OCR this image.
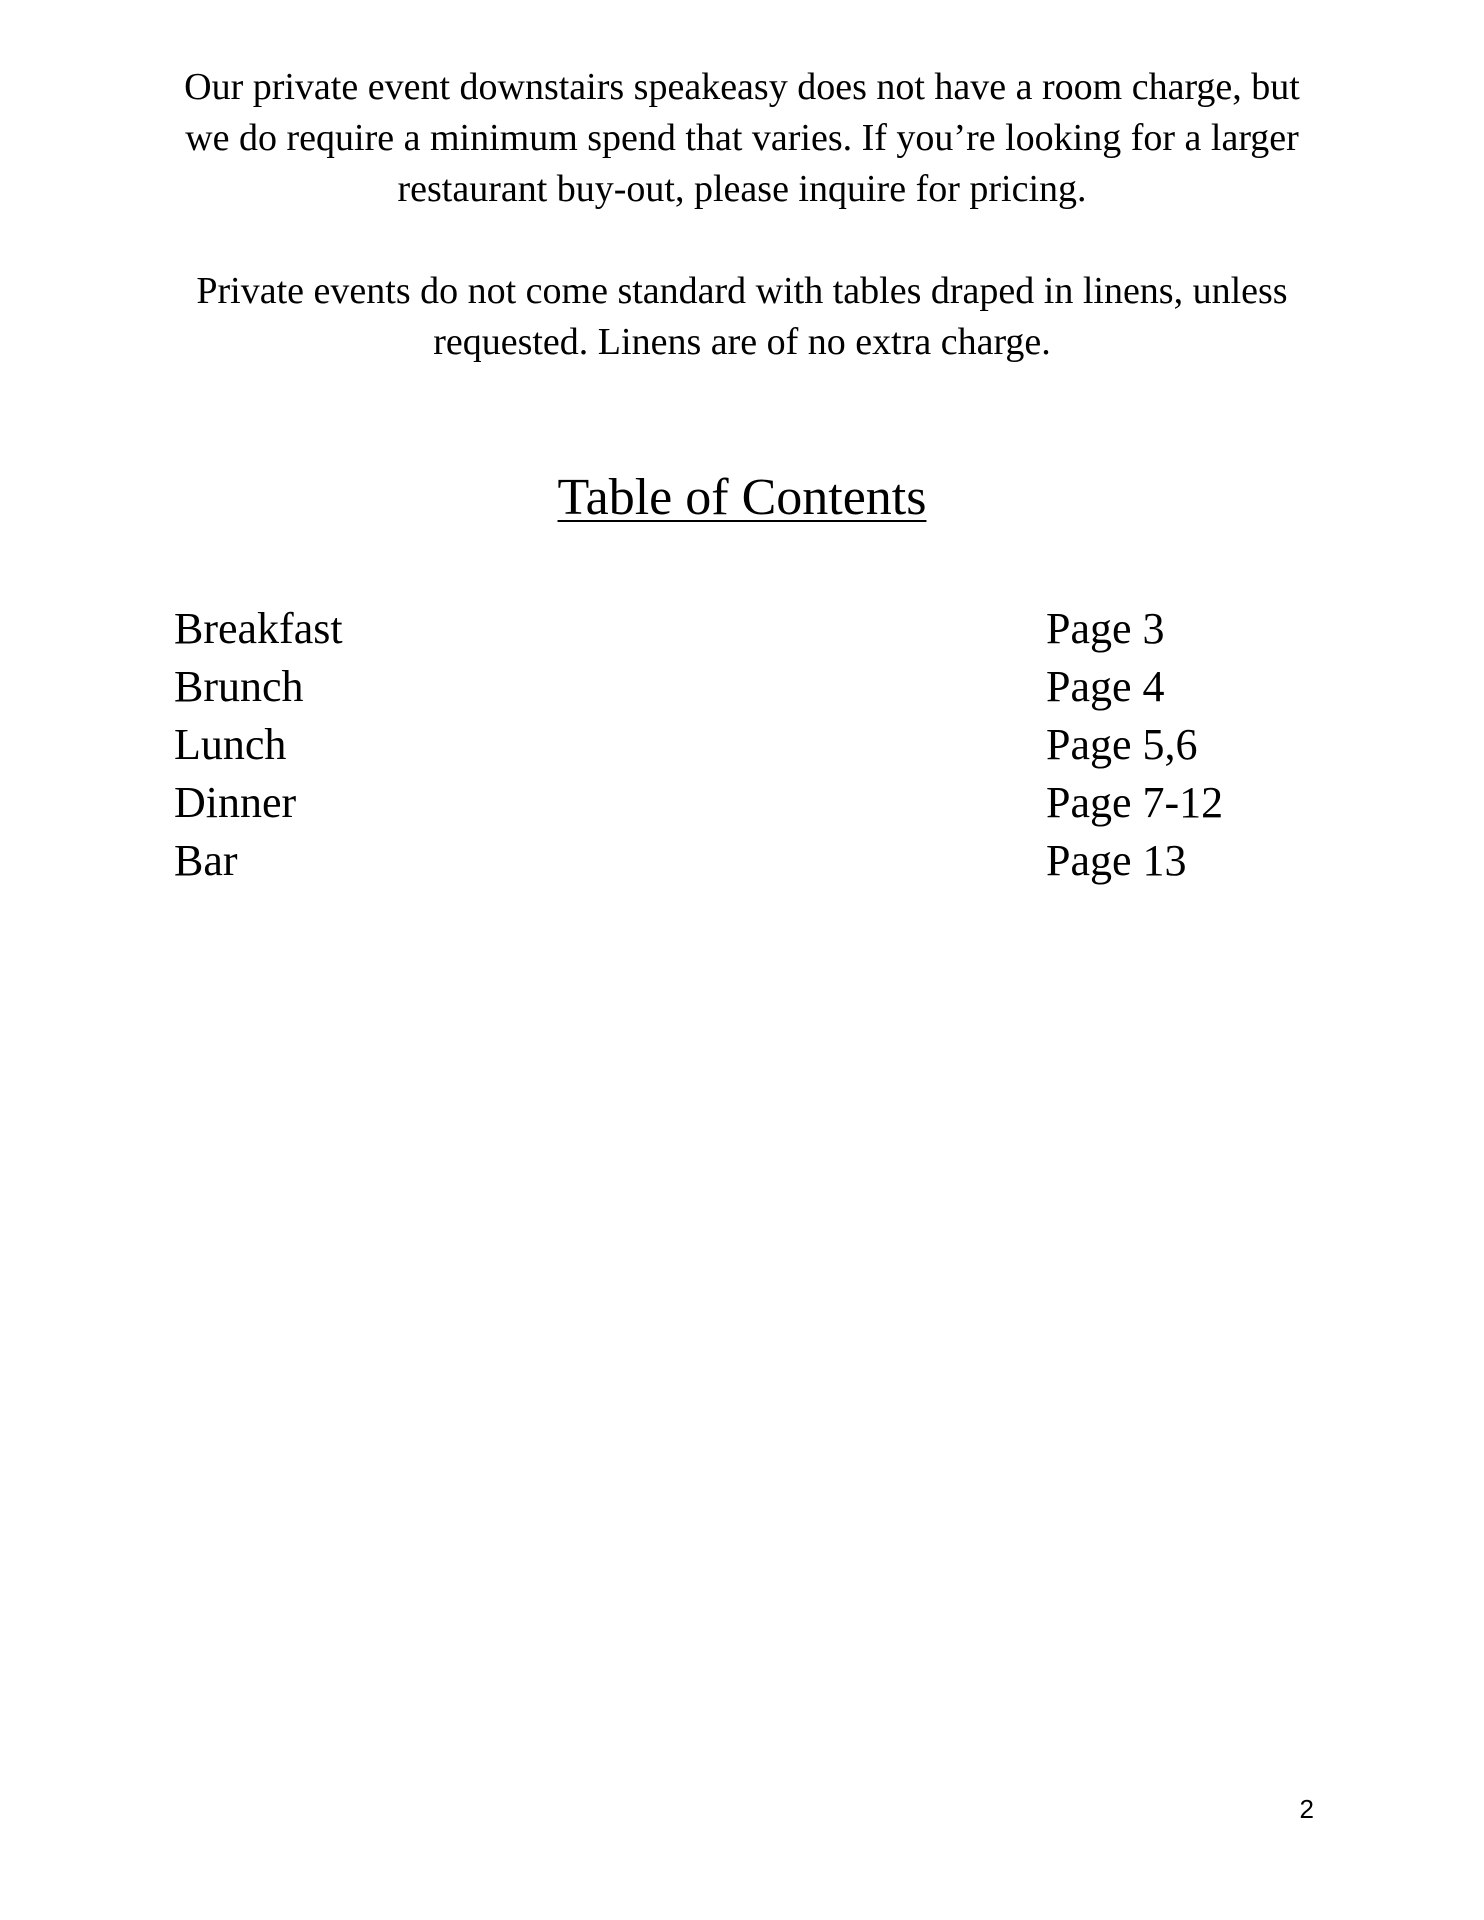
Our private event downstairs speakeasy does not have a room charge, but we do require a minimum spend that varies. If you’re looking for a larger restaurant buy-out, please inquire for pricing.

Private events do not come standard with tables draped in linens, unless requested. Linens are of no extra charge.

Table of Contents
Breakfast	Page 3
Brunch	Page 4
Lunch	Page 5,6
Dinner	Page 7-12
Bar	Page 13
2
